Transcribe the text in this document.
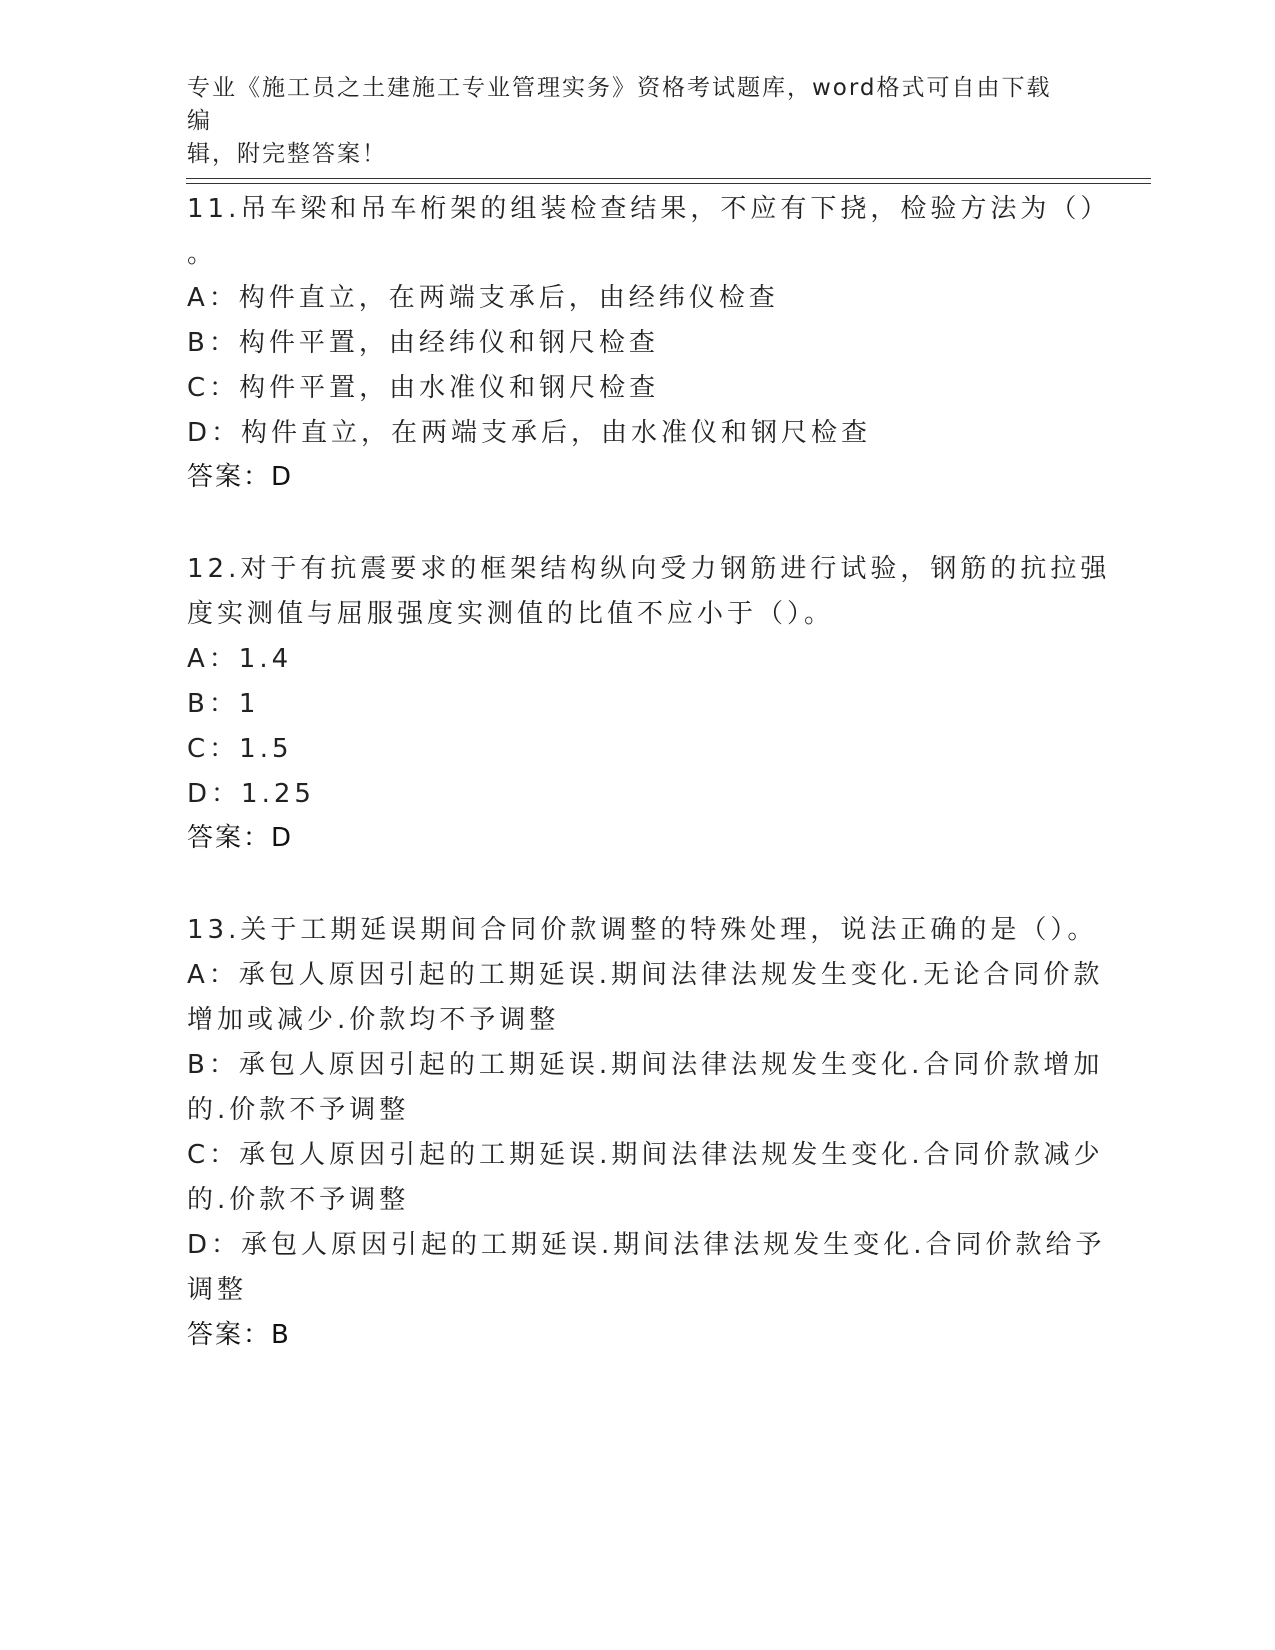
专业《施工员之土建施工专业管理实务》资格考试题库，word格式可自由下载编
辑，附完整答案！
11.吊车梁和吊车桁架的组装检查结果，不应有下挠，检验方法为（）
。
A：构件直立，在两端支承后，由经纬仪检查
B：构件平置，由经纬仪和钢尺检查
C：构件平置，由水准仪和钢尺检查
D：构件直立，在两端支承后，由水准仪和钢尺检查
答案：D
12.对于有抗震要求的框架结构纵向受力钢筋进行试验，钢筋的抗拉强
度实测值与屈服强度实测值的比值不应小于（）。
A：1.4
B：1
C：1.5
D：1.25
答案：D
13.关于工期延误期间合同价款调整的特殊处理，说法正确的是（）。
A：承包人原因引起的工期延误.期间法律法规发生变化.无论合同价款
增加或减少.价款均不予调整
B：承包人原因引起的工期延误.期间法律法规发生变化.合同价款增加
的.价款不予调整
C：承包人原因引起的工期延误.期间法律法规发生变化.合同价款减少
的.价款不予调整
D：承包人原因引起的工期延误.期间法律法规发生变化.合同价款给予
调整
答案：B
